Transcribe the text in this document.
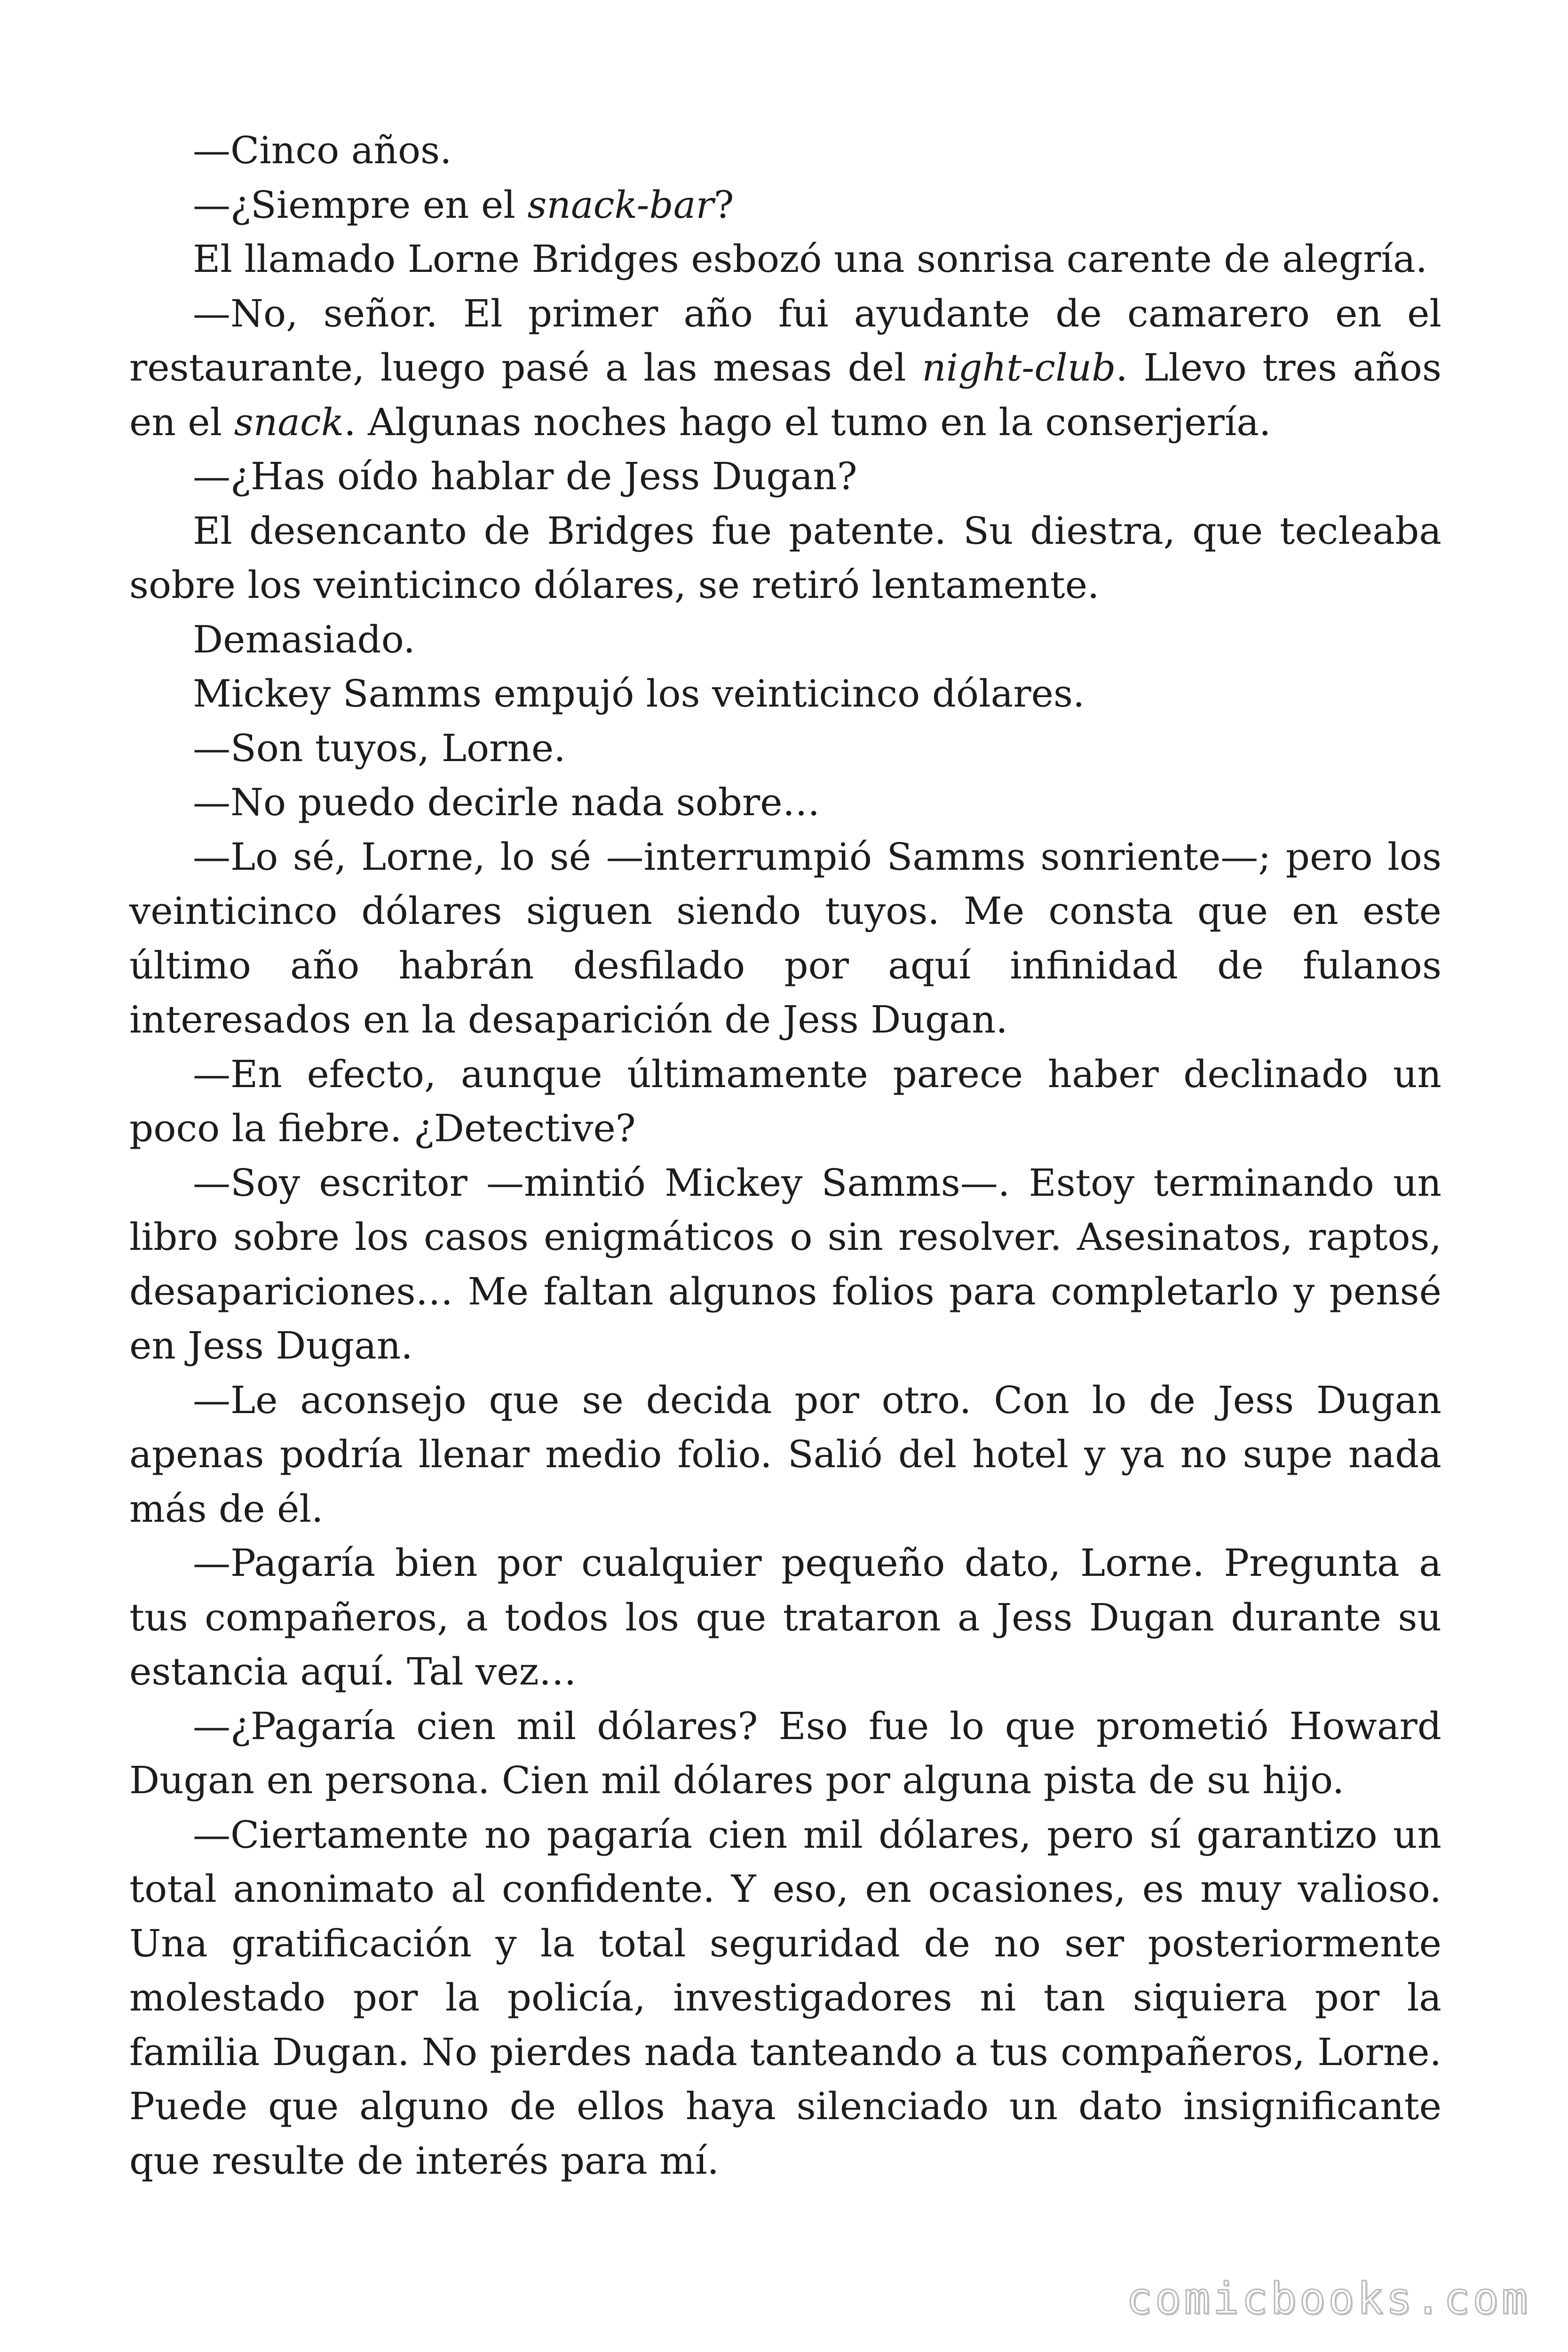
—Cinco años.

—¿Siempre en el snack-bar?

El llamado Lorne Bridges esbozó una sonrisa carente de alegría.

—No, señor. El primer año fui ayudante de camarero en el restaurante, luego pasé a las mesas del night-club. Llevo tres años en el snack. Algunas noches hago el tumo en la conserjería.

—¿Has oído hablar de Jess Dugan?

El desencanto de Bridges fue patente. Su diestra, que tecleaba sobre los veinticinco dólares, se retiró lentamente.

Demasiado.

Mickey Samms empujó los veinticinco dólares.

—Son tuyos, Lorne.

—No puedo decirle nada sobre…

—Lo sé, Lorne, lo sé —interrumpió Samms sonriente—; pero los veinticinco dólares siguen siendo tuyos. Me consta que en este último año habrán desfilado por aquí infinidad de fulanos interesados en la desaparición de Jess Dugan.

—En efecto, aunque últimamente parece haber declinado un poco la fiebre. ¿Detective?

—Soy escritor —mintió Mickey Samms—. Estoy terminando un libro sobre los casos enigmáticos o sin resolver. Asesinatos, raptos, desapariciones… Me faltan algunos folios para completarlo y pensé en Jess Dugan.

—Le aconsejo que se decida por otro. Con lo de Jess Dugan apenas podría llenar medio folio. Salió del hotel y ya no supe nada más de él.

—Pagaría bien por cualquier pequeño dato, Lorne. Pregunta a tus compañeros, a todos los que trataron a Jess Dugan durante su estancia aquí. Tal vez…

—¿Pagaría cien mil dólares? Eso fue lo que prometió Howard Dugan en persona. Cien mil dólares por alguna pista de su hijo.

—Ciertamente no pagaría cien mil dólares, pero sí garantizo un total anonimato al confidente. Y eso, en ocasiones, es muy valioso. Una gratificación y la total seguridad de no ser posteriormente molestado por la policía, investigadores ni tan siquiera por la familia Dugan. No pierdes nada tanteando a tus compañeros, Lorne. Puede que alguno de ellos haya silenciado un dato insignificante que resulte de interés para mí.

comicbooks.com
